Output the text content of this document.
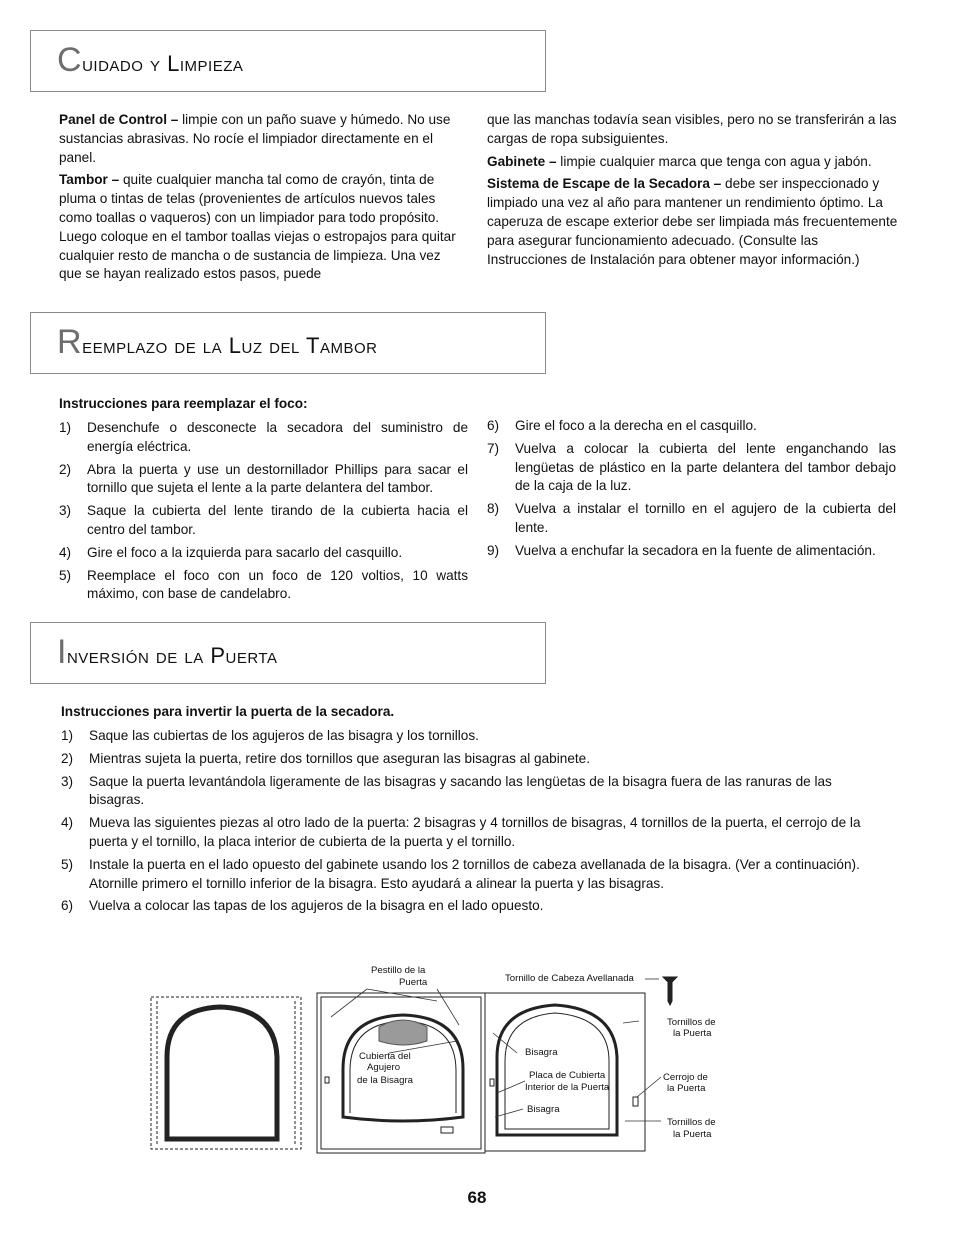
Cuidado y Limpieza

Panel de Control – limpie con un paño suave y húmedo. No use sustancias abrasivas. No rocíe el limpiador directamente en el panel.

Tambor – quite cualquier mancha tal como de crayón, tinta de pluma o tintas de telas (provenientes de artículos nuevos tales como toallas o vaqueros) con un limpiador para todo propósito. Luego coloque en el tambor toallas viejas o estropajos para quitar cualquier resto de mancha o de sustancia de limpieza. Una vez que se hayan realizado estos pasos, puede

que las manchas todavía sean visibles, pero no se transferirán a las cargas de ropa subsiguientes.

Gabinete – limpie cualquier marca que tenga con agua y jabón.

Sistema de Escape de la Secadora – debe ser inspeccionado y limpiado una vez al año para mantener un rendimiento óptimo. La caperuza de escape exterior debe ser limpiada más frecuentemente para asegurar funcionamiento adecuado. (Consulte las Instrucciones de Instalación para obtener mayor información.)

Reemplazo de la Luz del Tambor
Instrucciones para reemplazar el foco:
1) Desenchufe o desconecte la secadora del suministro de energía eléctrica.
2) Abra la puerta y use un destornillador Phillips para sacar el tornillo que sujeta el lente a la parte delantera del tambor.
3) Saque la cubierta del lente tirando de la cubierta hacia el centro del tambor.
4) Gire el foco a la izquierda para sacarlo del casquillo.
5) Reemplace el foco con un foco de 120 voltios, 10 watts máximo, con base de candelabro.
6) Gire el foco a la derecha en el casquillo.
7) Vuelva a colocar la cubierta del lente enganchando las lengüetas de plástico en la parte delantera del tambor debajo de la caja de la luz.
8) Vuelva a instalar el tornillo en el agujero de la cubierta del lente.
9) Vuelva a enchufar la secadora en la fuente de alimentación.
Inversión de la Puerta
Instrucciones para invertir la puerta de la secadora.
1) Saque las cubiertas de los agujeros de las bisagra y los tornillos.
2) Mientras sujeta la puerta, retire dos tornillos que aseguran las bisagras al gabinete.
3) Saque la puerta levantándola ligeramente de las bisagras y sacando las lengüetas de la bisagra fuera de las ranuras de las bisagras.
4) Mueva las siguientes piezas al otro lado de la puerta: 2 bisagras y 4 tornillos de bisagras, 4 tornillos de la puerta, el cerrojo de la puerta y el tornillo, la placa interior de cubierta de la puerta y el tornillo.
5) Instale la puerta en el lado opuesto del gabinete usando los 2 tornillos de cabeza avellanada de la bisagra. (Ver a continuación). Atornille primero el tornillo inferior de la bisagra. Esto ayudará a alinear la puerta y las bisagras.
6) Vuelva a colocar las tapas de los agujeros de la bisagra en el lado opuesto.
Pestillo de la
Puerta	Tornillo de Cabeza Avellanada
Tornillos de
la Puerta
Cubierta del
Agujero
de la Bisagra
Bisagra
Placa de Cubierta
Interior de la Puerta
Bisagra
Cerrojo de
la Puerta
Tornillos de
la Puerta
68
